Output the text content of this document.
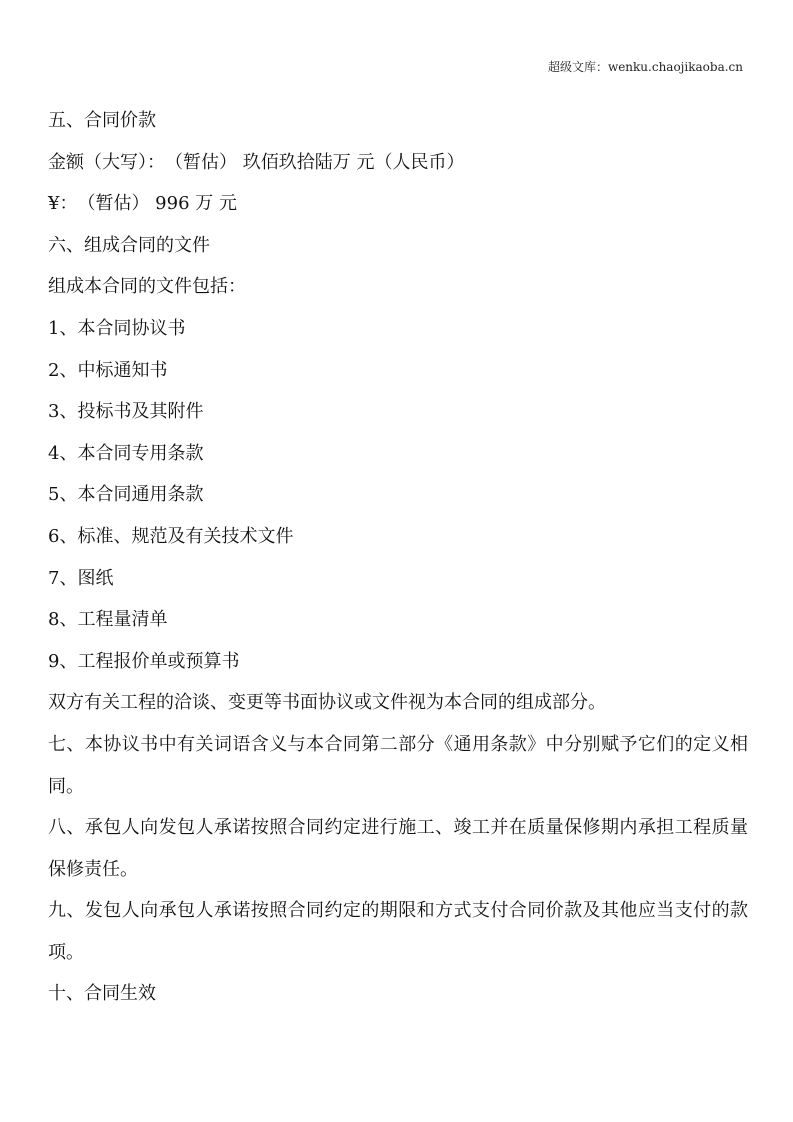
超级文库：wenku.chaojikaoba.cn

五、合同价款

金额（大写）：　（暂估） 玖佰玖拾陆万 元（人民币）

¥：　（暂估） 996 万 元

六、组成合同的文件

组成本合同的文件包括：

1、本合同协议书

2、中标通知书

3、投标书及其附件

4、本合同专用条款

5、本合同通用条款

6、标准、规范及有关技术文件

7、图纸

8、工程量清单

9、工程报价单或预算书

双方有关工程的洽谈、变更等书面协议或文件视为本合同的组成部分。

七、本协议书中有关词语含义与本合同第二部分《通用条款》中分别赋予它们的定义相同。

八、承包人向发包人承诺按照合同约定进行施工、竣工并在质量保修期内承担工程质量保修责任。

九、发包人向承包人承诺按照合同约定的期限和方式支付合同价款及其他应当支付的款项。

十、合同生效
